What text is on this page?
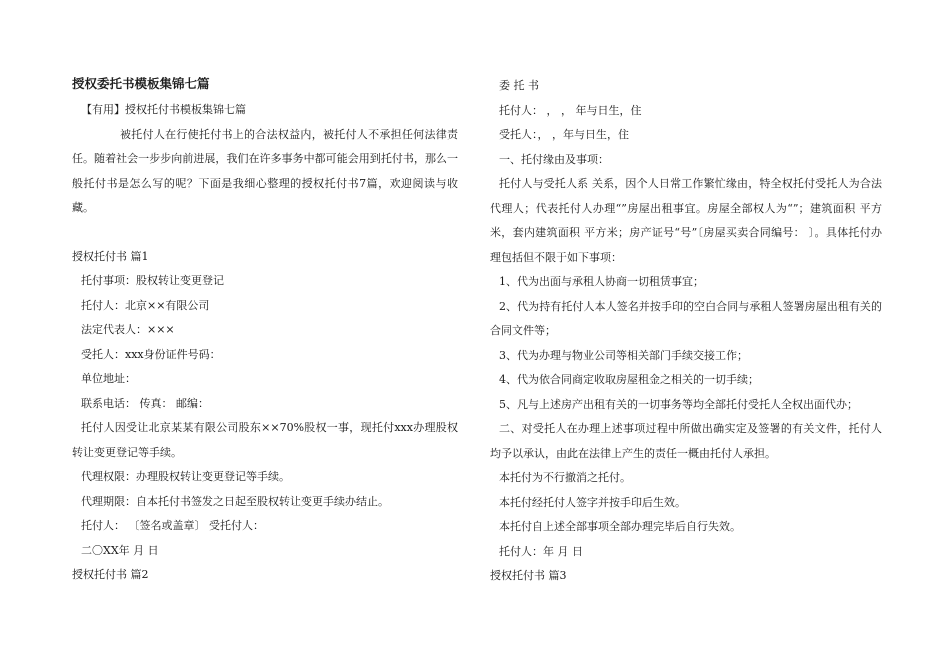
授权委托书模板集锦七篇
【有用】授权托付书模板集锦七篇
被托付人在行使托付书上的合法权益内，被托付人不承担任何法律责任。随着社会一步步向前进展，我们在许多事务中都可能会用到托付书，那么一般托付书是怎么写的呢？下面是我细心整理的授权托付书7篇，欢迎阅读与收藏。
授权托付书 篇1
托付事项：股权转让变更登记
托付人：北京××有限公司
法定代表人：×××
受托人：xxx身份证件号码：
单位地址：
联系电话： 传真： 邮编：
托付人因受让北京某某有限公司股东××70%股权一事，现托付xxx办理股权转让变更登记等手续。
代理权限：办理股权转让变更登记等手续。
代理期限：自本托付书签发之日起至股权转让变更手续办结止。
托付人： 〔签名或盖章〕 受托付人：
二〇XX年 月 日
授权托付书 篇2
委 托 书
托付人： ， ， 年与日生，住
受托人：， ，年与日生，住
一、托付缘由及事项：
托付人与受托人系 关系，因个人日常工作繁忙缘由，特全权托付受托人为合法代理人；代表托付人办理“”房屋出租事宜。房屋全部权人为“”；建筑面积 平方米，套内建筑面积 平方米；房产证号“号”〔房屋买卖合同编号： 〕。具体托付办理包括但不限于如下事项：
1、代为出面与承租人协商一切租赁事宜；
2、代为持有托付人本人签名并按手印的空白合同与承租人签署房屋出租有关的合同文件等；
3、代为办理与物业公司等相关部门手续交接工作；
4、代为依合同商定收取房屋租金之相关的一切手续；
5、凡与上述房产出租有关的一切事务等均全部托付受托人全权出面代办；
二、对受托人在办理上述事项过程中所做出确实定及签署的有关文件，托付人均予以承认，由此在法律上产生的责任一概由托付人承担。
本托付为不行撤消之托付。
本托付经托付人签字并按手印后生效。
本托付自上述全部事项全部办理完毕后自行失效。
托付人：年 月 日
授权托付书 篇3
